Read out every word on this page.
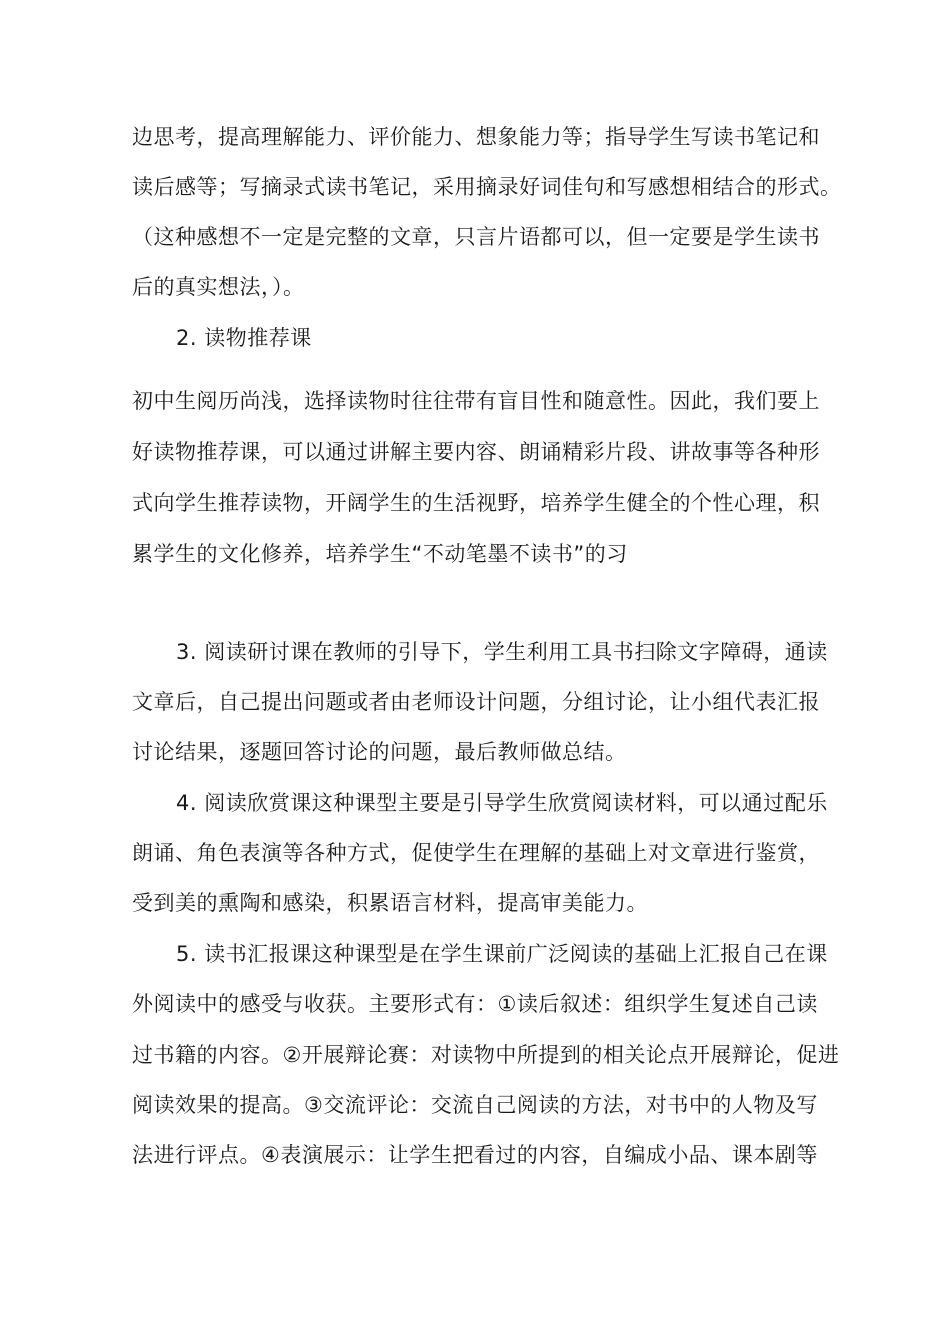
边思考，提高理解能力、评价能力、想象能力等；指导学生写读书笔记和
读后感等；写摘录式读书笔记，采用摘录好词佳句和写感想相结合的形式。
（这种感想不一定是完整的文章，只言片语都可以，但一定要是学生读书
后的真实想法，）。
2. 读物推荐课
初中生阅历尚浅，选择读物时往往带有盲目性和随意性。因此，我们要上
好读物推荐课，可以通过讲解主要内容、朗诵精彩片段、讲故事等各种形
式向学生推荐读物，开阔学生的生活视野，培养学生健全的个性心理，积
累学生的文化修养，培养学生“不动笔墨不读书”的习
3. 阅读研讨课在教师的引导下，学生利用工具书扫除文字障碍，通读
文章后，自己提出问题或者由老师设计问题，分组讨论，让小组代表汇报
讨论结果，逐题回答讨论的问题，最后教师做总结。
4. 阅读欣赏课这种课型主要是引导学生欣赏阅读材料，可以通过配乐
朗诵、角色表演等各种方式，促使学生在理解的基础上对文章进行鉴赏，
受到美的熏陶和感染，积累语言材料，提高审美能力。
5. 读书汇报课这种课型是在学生课前广泛阅读的基础上汇报自己在课
外阅读中的感受与收获。主要形式有：①读后叙述：组织学生复述自己读
过书籍的内容。②开展辩论赛：对读物中所提到的相关论点开展辩论，促进
阅读效果的提高。③交流评论：交流自己阅读的方法，对书中的人物及写
法进行评点。④表演展示：让学生把看过的内容，自编成小品、课本剧等
